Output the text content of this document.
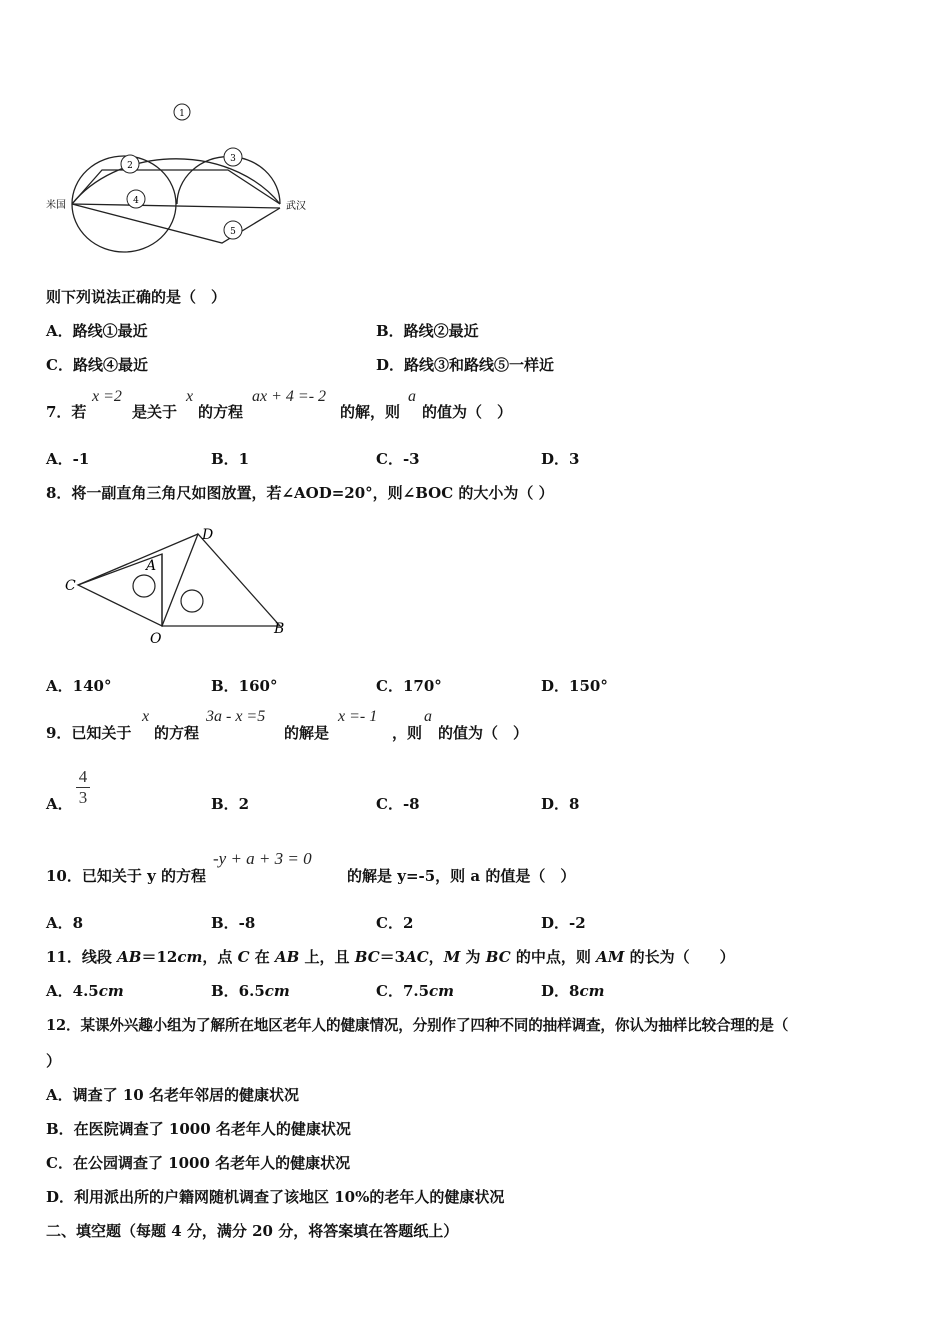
1
2
3
4
5
米国	武汉
则下列说法正确的是（　）
A．路线①最近	B．路线②最近
C．路线④最近	D．路线③和路线⑤一样近
7．若
x =2
是关于
x
的方程
ax + 4 =- 2
的解，则
a
的值为（　）
A．-1	B．1	C．-3	D．3
8．将一副直角三角尺如图放置，若∠AOD=20°，则∠BOC 的大小为（ ）
A
B
C
D
O
A．140°	B．160°	C．170°	D．150°
9．已知关于
x
的方程
3a - x =5
的解是
x =- 1
，则
a
的值为（　）
A．
4
3	B．2	C．-8	D．8
10．已知关于 y 的方程
-y + a + 3 = 0
的解是 y=-5，则 a 的值是（　）
A．8	B．-8	C．2	D．-2
11．线段 AB＝12cm，点 C 在 AB 上，且 BC＝3AC，M 为 BC 的中点，则 AM 的长为（　　）
A．4.5cm	B．6.5cm	C．7.5cm	D．8cm
12．某课外兴趣小组为了解所在地区老年人的健康情况，分别作了四种不同的抽样调查，你认为抽样比较合理的是（
）
A．调查了 10 名老年邻居的健康状况
B．在医院调查了 1000 名老年人的健康状况
C．在公园调查了 1000 名老年人的健康状况
D．利用派出所的户籍网随机调查了该地区 10%的老年人的健康状况
二、填空题（每题 4 分，满分 20 分，将答案填在答题纸上）
